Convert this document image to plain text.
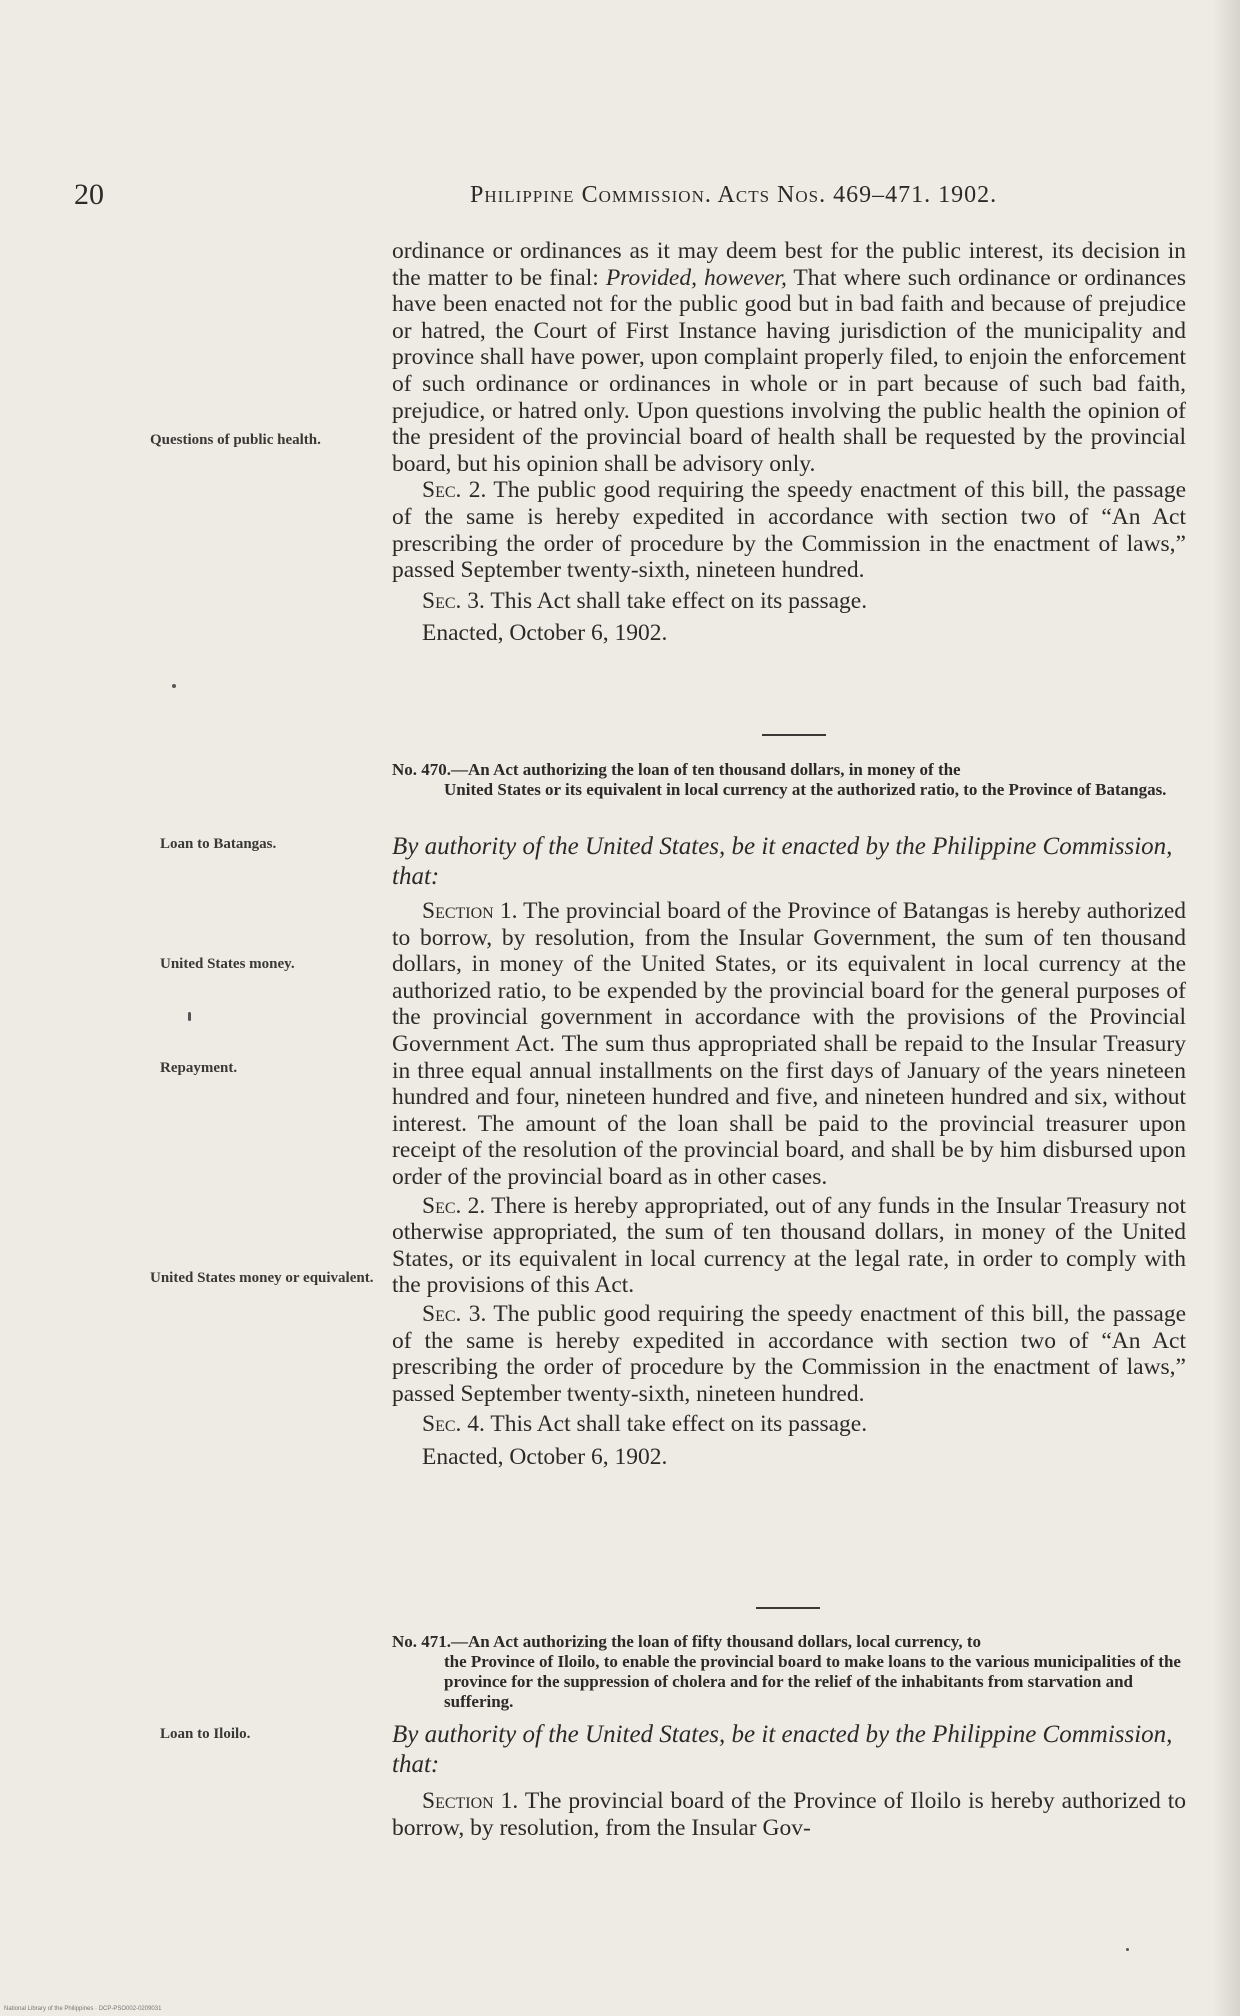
20	Philippine Commission. Acts Nos. 469–471. 1902.

ordinance or ordinances as it may deem best for the public interest, its decision in the matter to be final: Provided, however, That where such ordinance or ordinances have been enacted not for the public good but in bad faith and because of prejudice or hatred, the Court of First Instance having jurisdiction of the municipality and province shall have power, upon complaint properly filed, to enjoin the enforcement of such ordinance or ordinances in whole or in part because of such bad faith, prejudice, or hatred only. Upon questions involving the public health the opinion of the president of the provincial board of health shall be requested by the provincial board, but his opinion shall be advisory only.

Sec. 2. The public good requiring the speedy enactment of this bill, the passage of the same is hereby expedited in accordance with section two of “An Act prescribing the order of procedure by the Commission in the enactment of laws,” passed September twenty-sixth, nineteen hundred.

Sec. 3. This Act shall take effect on its passage.

Enacted, October 6, 1902.

Questions of public health.

No. 470.—An Act authorizing the loan of ten thousand dollars, in money of the
United States or its equivalent in local currency at the authorized ratio, to the Province of Batangas.

Loan to Batangas.	By authority of the United States, be it enacted by the Philippine Commission, that:

Section 1. The provincial board of the Province of Batangas is hereby authorized to borrow, by resolution, from the Insular Government, the sum of ten thousand dollars, in money of the United States, or its equivalent in local currency at the authorized ratio, to be expended by the provincial board for the general purposes of the provincial government in accordance with the provisions of the Provincial Government Act. The sum thus appropriated shall be repaid to the Insular Treasury in three equal annual installments on the first days of January of the years nineteen hundred and four, nineteen hundred and five, and nineteen hundred and six, without interest. The amount of the loan shall be paid to the provincial treasurer upon receipt of the resolution of the provincial board, and shall be by him disbursed upon order of the provincial board as in other cases.

Sec. 2. There is hereby appropriated, out of any funds in the Insular Treasury not otherwise appropriated, the sum of ten thousand dollars, in money of the United States, or its equivalent in local currency at the legal rate, in order to comply with the provisions of this Act.

Sec. 3. The public good requiring the speedy enactment of this bill, the passage of the same is hereby expedited in accordance with section two of “An Act prescribing the order of procedure by the Commission in the enactment of laws,” passed September twenty-sixth, nineteen hundred.

Sec. 4. This Act shall take effect on its passage.

Enacted, October 6, 1902.

United States money.
Repayment.
United States money or equivalent.

No. 471.—An Act authorizing the loan of fifty thousand dollars, local currency, to
the Province of Iloilo, to enable the provincial board to make loans to the various municipalities of the province for the suppression of cholera and for the relief of the inhabitants from starvation and suffering.

Loan to Iloilo.	By authority of the United States, be it enacted by the Philippine Commission, that:

Section 1. The provincial board of the Province of Iloilo is hereby authorized to borrow, by resolution, from the Insular Gov-

National Library of the Philippines · DCP-PSO002-0209031
